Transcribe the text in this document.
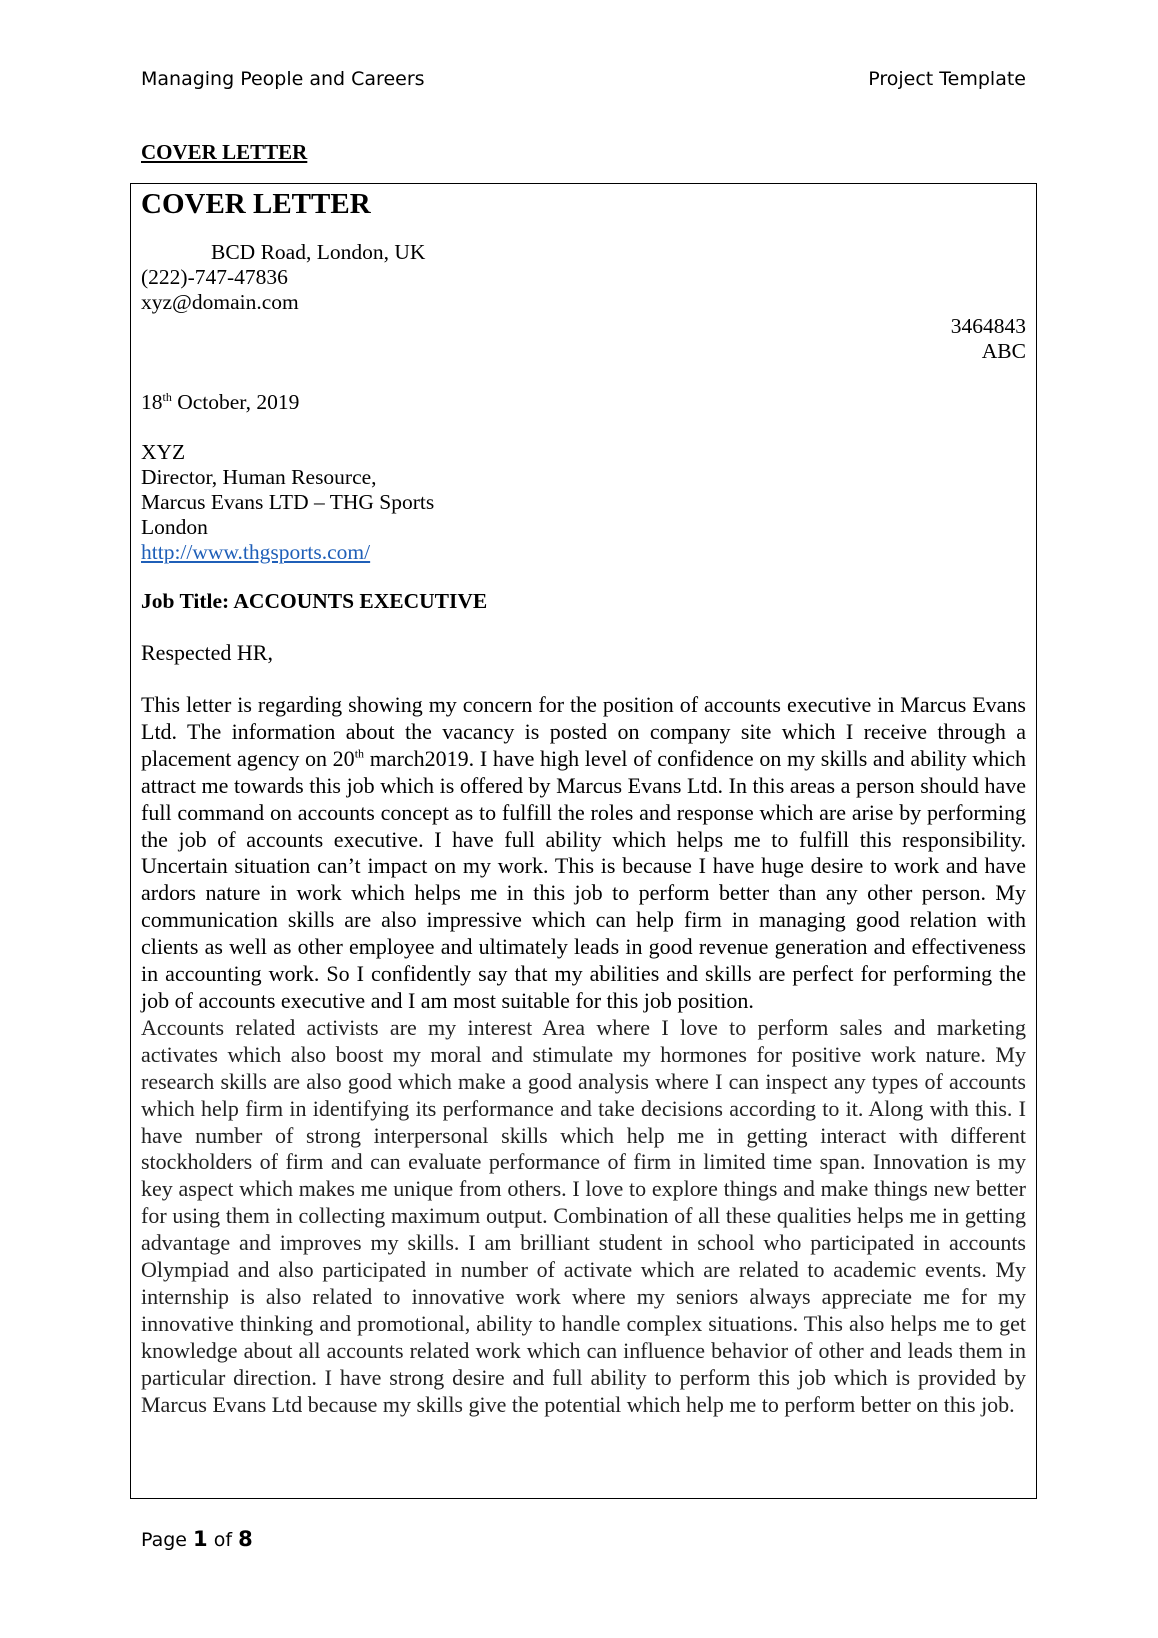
Managing People and Careers	Project Template
COVER LETTER
COVER LETTER
BCD Road, London, UK
(222)-747-47836
xyz@domain.com
3464843
ABC
18th October, 2019
XYZ
Director, Human Resource,
Marcus Evans LTD – THG Sports
London
http://www.thgsports.com/
Job Title: ACCOUNTS EXECUTIVE
Respected HR,

This letter is regarding showing my concern for the position of accounts executive in Marcus Evans Ltd. The information about the vacancy is posted on company site which I receive through a placement agency on 20th march2019. I have high level of confidence on my skills and ability which attract me towards this job which is offered by Marcus Evans Ltd. In this areas a person should have full command on accounts concept as to fulfill the roles and response which are arise by performing the job of accounts executive. I have full ability which helps me to fulfill this responsibility. Uncertain situation can’t impact on my work. This is because I have huge desire to work and have ardors nature in work which helps me in this job to perform better than any other person. My communication skills are also impressive which can help firm in managing good relation with clients as well as other employee and ultimately leads in good revenue generation and effectiveness in accounting work. So I confidently say that my abilities and skills are perfect for performing the job of accounts executive and I am most suitable for this job position.

Accounts related activists are my interest Area where I love to perform sales and marketing activates which also boost my moral and stimulate my hormones for positive work nature. My research skills are also good which make a good analysis where I can inspect any types of accounts which help firm in identifying its performance and take decisions according to it. Along with this. I have number of strong interpersonal skills which help me in getting interact with different stockholders of firm and can evaluate performance of firm in limited time span. Innovation is my key aspect which makes me unique from others. I love to explore things and make things new better for using them in collecting maximum output. Combination of all these qualities helps me in getting advantage and improves my skills. I am brilliant student in school who participated in accounts Olympiad and also participated in number of activate which are related to academic events. My internship is also related to innovative work where my seniors always appreciate me for my innovative thinking and promotional, ability to handle complex situations. This also helps me to get knowledge about all accounts related work which can influence behavior of other and leads them in particular direction. I have strong desire and full ability to perform this job which is provided by Marcus Evans Ltd because my skills give the potential which help me to perform better on this job.

Page 1 of 8
